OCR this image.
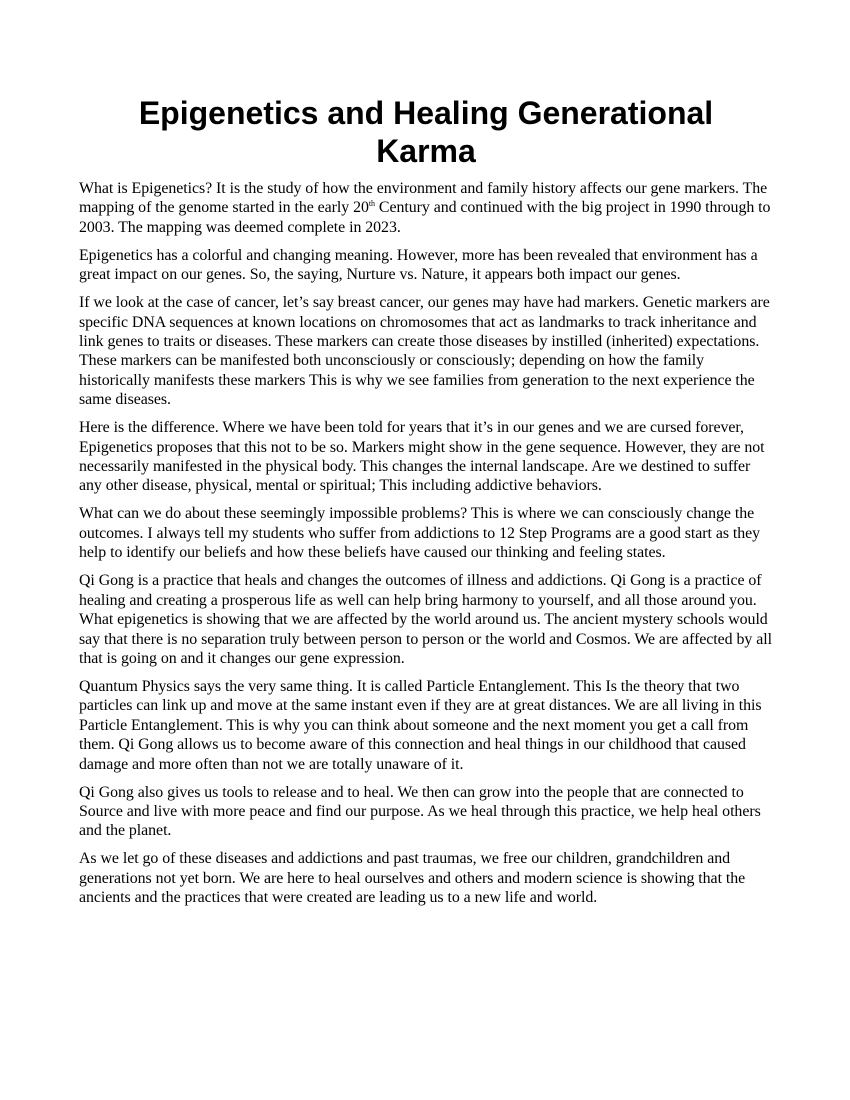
Epigenetics and Healing Generational
Karma

What is Epigenetics? It is the study of how the environment and family history affects our gene markers. The mapping of the genome started in the early 20th Century and continued with the big project in 1990 through to 2003. The mapping was deemed complete in 2023.

Epigenetics has a colorful and changing meaning. However, more has been revealed that environment has a great impact on our genes. So, the saying, Nurture vs. Nature, it appears both impact our genes.

If we look at the case of cancer, let’s say breast cancer, our genes may have had markers. Genetic markers are specific DNA sequences at known locations on chromosomes that act as landmarks to track inheritance and link genes to traits or diseases. These markers can create those diseases by instilled (inherited) expectations. These markers can be manifested both unconsciously or consciously; depending on how the family historically manifests these markers This is why we see families from generation to the next experience the same diseases.

Here is the difference. Where we have been told for years that it’s in our genes and we are cursed forever, Epigenetics proposes that this not to be so. Markers might show in the gene sequence. However, they are not necessarily manifested in the physical body. This changes the internal landscape. Are we destined to suffer any other disease, physical, mental or spiritual; This including addictive behaviors.

What can we do about these seemingly impossible problems? This is where we can consciously change the outcomes. I always tell my students who suffer from addictions to 12 Step Programs are a good start as they help to identify our beliefs and how these beliefs have caused our thinking and feeling states.

Qi Gong is a practice that heals and changes the outcomes of illness and addictions. Qi Gong is a practice of healing and creating a prosperous life as well can help bring harmony to yourself, and all those around you. What epigenetics is showing that we are affected by the world around us. The ancient mystery schools would say that there is no separation truly between person to person or the world and Cosmos. We are affected by all that is going on and it changes our gene expression.

Quantum Physics says the very same thing. It is called Particle Entanglement. This Is the theory that two particles can link up and move at the same instant even if they are at great distances. We are all living in this Particle Entanglement. This is why you can think about someone and the next moment you get a call from them. Qi Gong allows us to become aware of this connection and heal things in our childhood that caused damage and more often than not we are totally unaware of it.

Qi Gong also gives us tools to release and to heal. We then can grow into the people that are connected to Source and live with more peace and find our purpose. As we heal through this practice, we help heal others and the planet.

As we let go of these diseases and addictions and past traumas, we free our children, grandchildren and generations not yet born. We are here to heal ourselves and others and modern science is showing that the ancients and the practices that were created are leading us to a new life and world.
